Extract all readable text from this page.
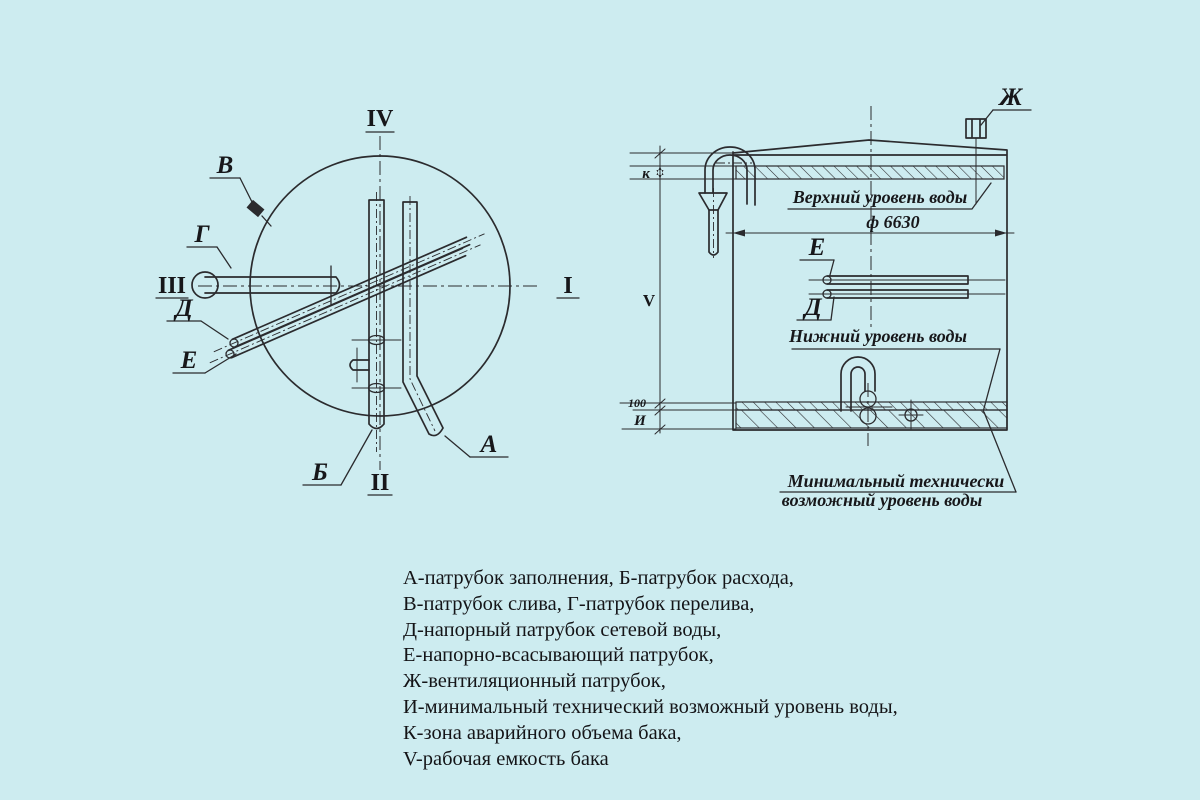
IV
II
III	I
В
Г
Д
Е
Б
А
Ж
к
V
100
И
Е
Д
Верхний уровень воды
ф 6630
Нижний уровень воды
Минимальный технически
возможный уровень воды
А-патрубок заполнения, Б-патрубок расхода,
В-патрубок слива, Г-патрубок перелива,
Д-напорный патрубок сетевой воды,
Е-напорно-всасывающий патрубок,
Ж-вентиляционный патрубок,
И-минимальный технический возможный уровень воды,
К-зона аварийного объема бака,
V-рабочая емкость бака
